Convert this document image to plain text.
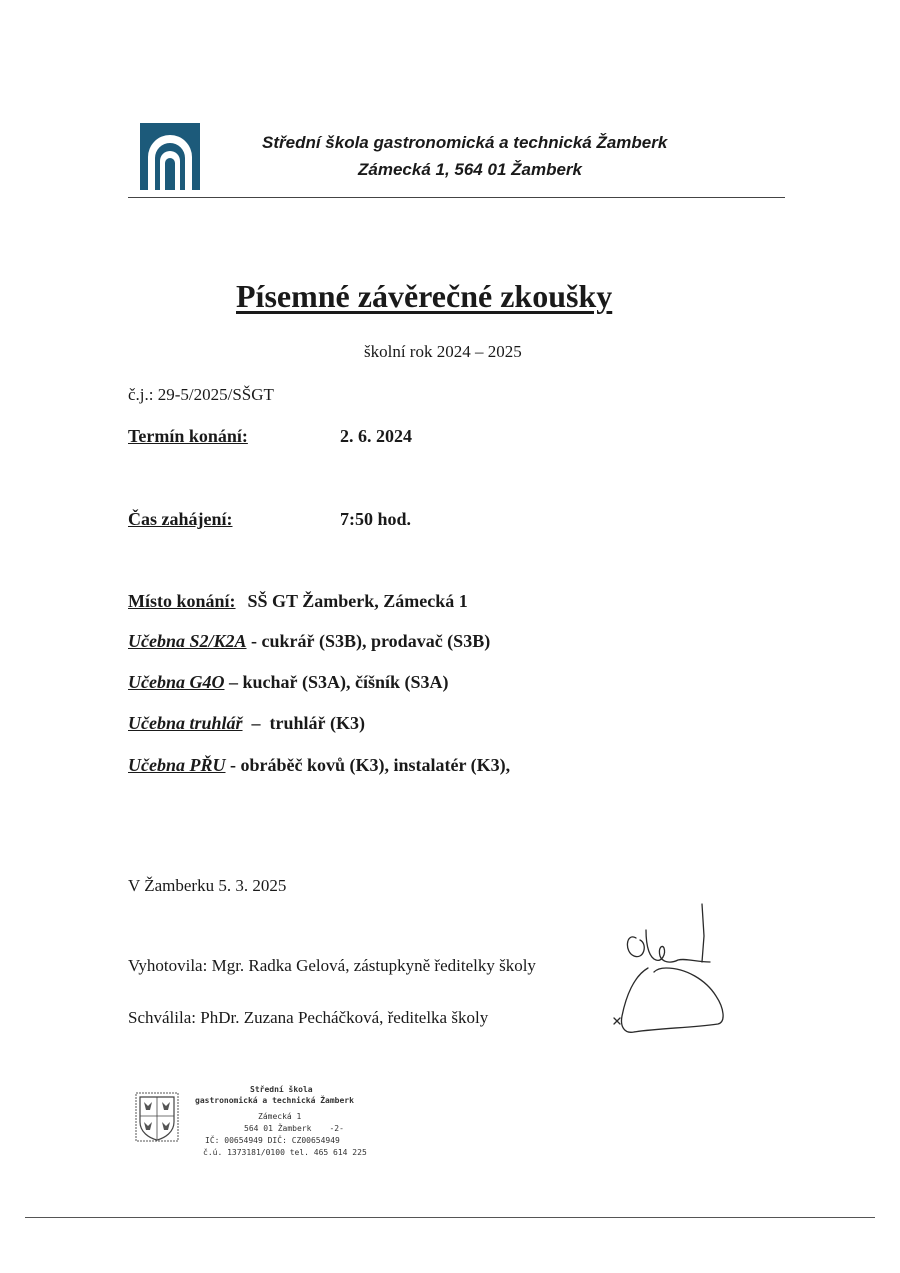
Střední škola gastronomická a technická Žamberk
Zámecká 1, 564 01 Žamberk
Písemné závěrečné zkoušky
školní rok 2024 – 2025
č.j.: 29-5/2025/SŠGT
Termín konání:	2. 6. 2024
Čas zahájení:	7:50 hod.
Místo konání: SŠ GT Žamberk, Zámecká 1
Učebna S2/K2A - cukrář (S3B), prodavač (S3B)
Učebna G4O – kuchař (S3A), číšník (S3A)
Učebna truhlář  –  truhlář (K3)
Učebna PŘU - obráběč kovů (K3), instalatér (K3),
V Žamberku 5. 3. 2025
Vyhotovila: Mgr. Radka Gelová, zástupkyně ředitelky školy
Schválila: PhDr. Zuzana Pecháčková, ředitelka školy
Střední škola
gastronomická a technická Žamberk
Zámecká 1
564 01 Žamberk -2-
IČ: 00654949 DIČ: CZ00654949
č.ú. 1373181/0100 tel. 465 614 225
